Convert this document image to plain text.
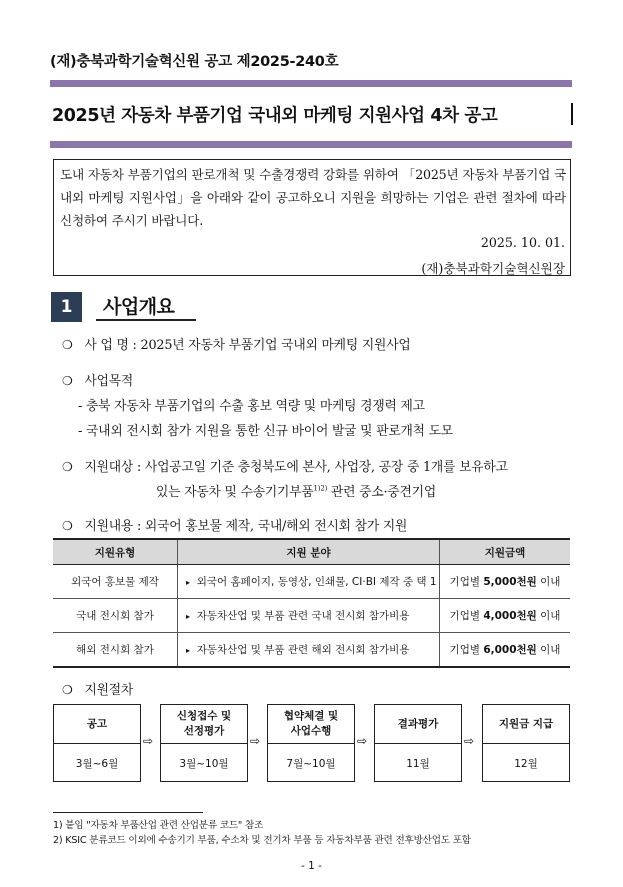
(재)충북과학기술혁신원 공고 제2025-240호
2025년 자동차 부품기업 국내외 마케팅 지원사업 4차 공고
도내 자동차 부품기업의 판로개척 및 수출경쟁력 강화를 위하여 「2025년 자동차 부품기업 국내외 마케팅 지원사업」을 아래와 같이 공고하오니 지원을 희망하는 기업은 관련 절차에 따라 신청하여 주시기 바랍니다.
2025. 10. 01.
(재)충북과학기술혁신원장
1	사업개요
❍ 사 업 명 : 2025년 자동차 부품기업 국내외 마케팅 지원사업
❍ 사업목적
- 충북 자동차 부품기업의 수출 홍보 역량 및 마케팅 경쟁력 제고
- 국내외 전시회 참가 지원을 통한 신규 바이어 발굴 및 판로개척 도모
❍ 지원대상 : 사업공고일 기준 충청북도에 본사, 사업장, 공장 중 1개를 보유하고
있는 자동차 및 수송기기부품$^{1)2)}$ 관련 중소·중견기업
❍ 지원내용 : 외국어 홍보물 제작, 국내/해외 전시회 참가 지원
지원유형	지원 분야	지원금액
외국어 홍보물 제작	▸ 외국어 홈페이지, 동영상, 인쇄물, CI·BI 제작 중 택 1	기업별 5,000천원 이내
국내 전시회 참가	▸ 자동차산업 및 부품 관련 국내 전시회 참가비용	기업별 4,000천원 이내
해외 전시회 참가	▸ 자동차산업 및 부품 관련 해외 전시회 참가비용	기업별 6,000천원 이내
❍ 지원절차
공고
3월~6월
⇨
신청접수 및
선정평가
3월~10월
⇨
협약체결 및
사업수행
7월~10월
⇨
결과평가
11월
⇨
지원금 지급
12월
1) 붙임 "자동차 부품산업 관련 산업분류 코드" 참조
2) KSIC 분류코드 이외에 수송기기 부품, 수소차 및 전기차 부품 등 자동차부품 관련 전후방산업도 포함
- 1 -
